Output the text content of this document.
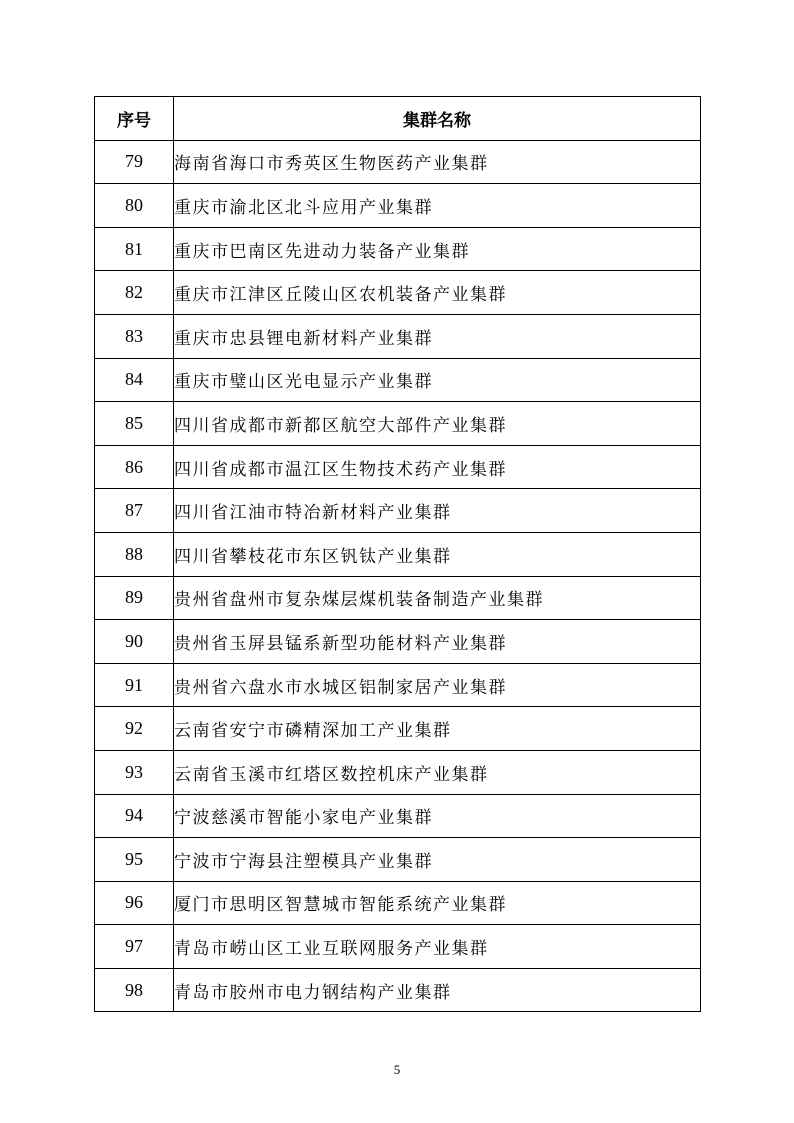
序号	集群名称
79	海南省海口市秀英区生物医药产业集群
80	重庆市渝北区北斗应用产业集群
81	重庆市巴南区先进动力装备产业集群
82	重庆市江津区丘陵山区农机装备产业集群
83	重庆市忠县锂电新材料产业集群
84	重庆市璧山区光电显示产业集群
85	四川省成都市新都区航空大部件产业集群
86	四川省成都市温江区生物技术药产业集群
87	四川省江油市特冶新材料产业集群
88	四川省攀枝花市东区钒钛产业集群
89	贵州省盘州市复杂煤层煤机装备制造产业集群
90	贵州省玉屏县锰系新型功能材料产业集群
91	贵州省六盘水市水城区铝制家居产业集群
92	云南省安宁市磷精深加工产业集群
93	云南省玉溪市红塔区数控机床产业集群
94	宁波慈溪市智能小家电产业集群
95	宁波市宁海县注塑模具产业集群
96	厦门市思明区智慧城市智能系统产业集群
97	青岛市崂山区工业互联网服务产业集群
98	青岛市胶州市电力钢结构产业集群
5
